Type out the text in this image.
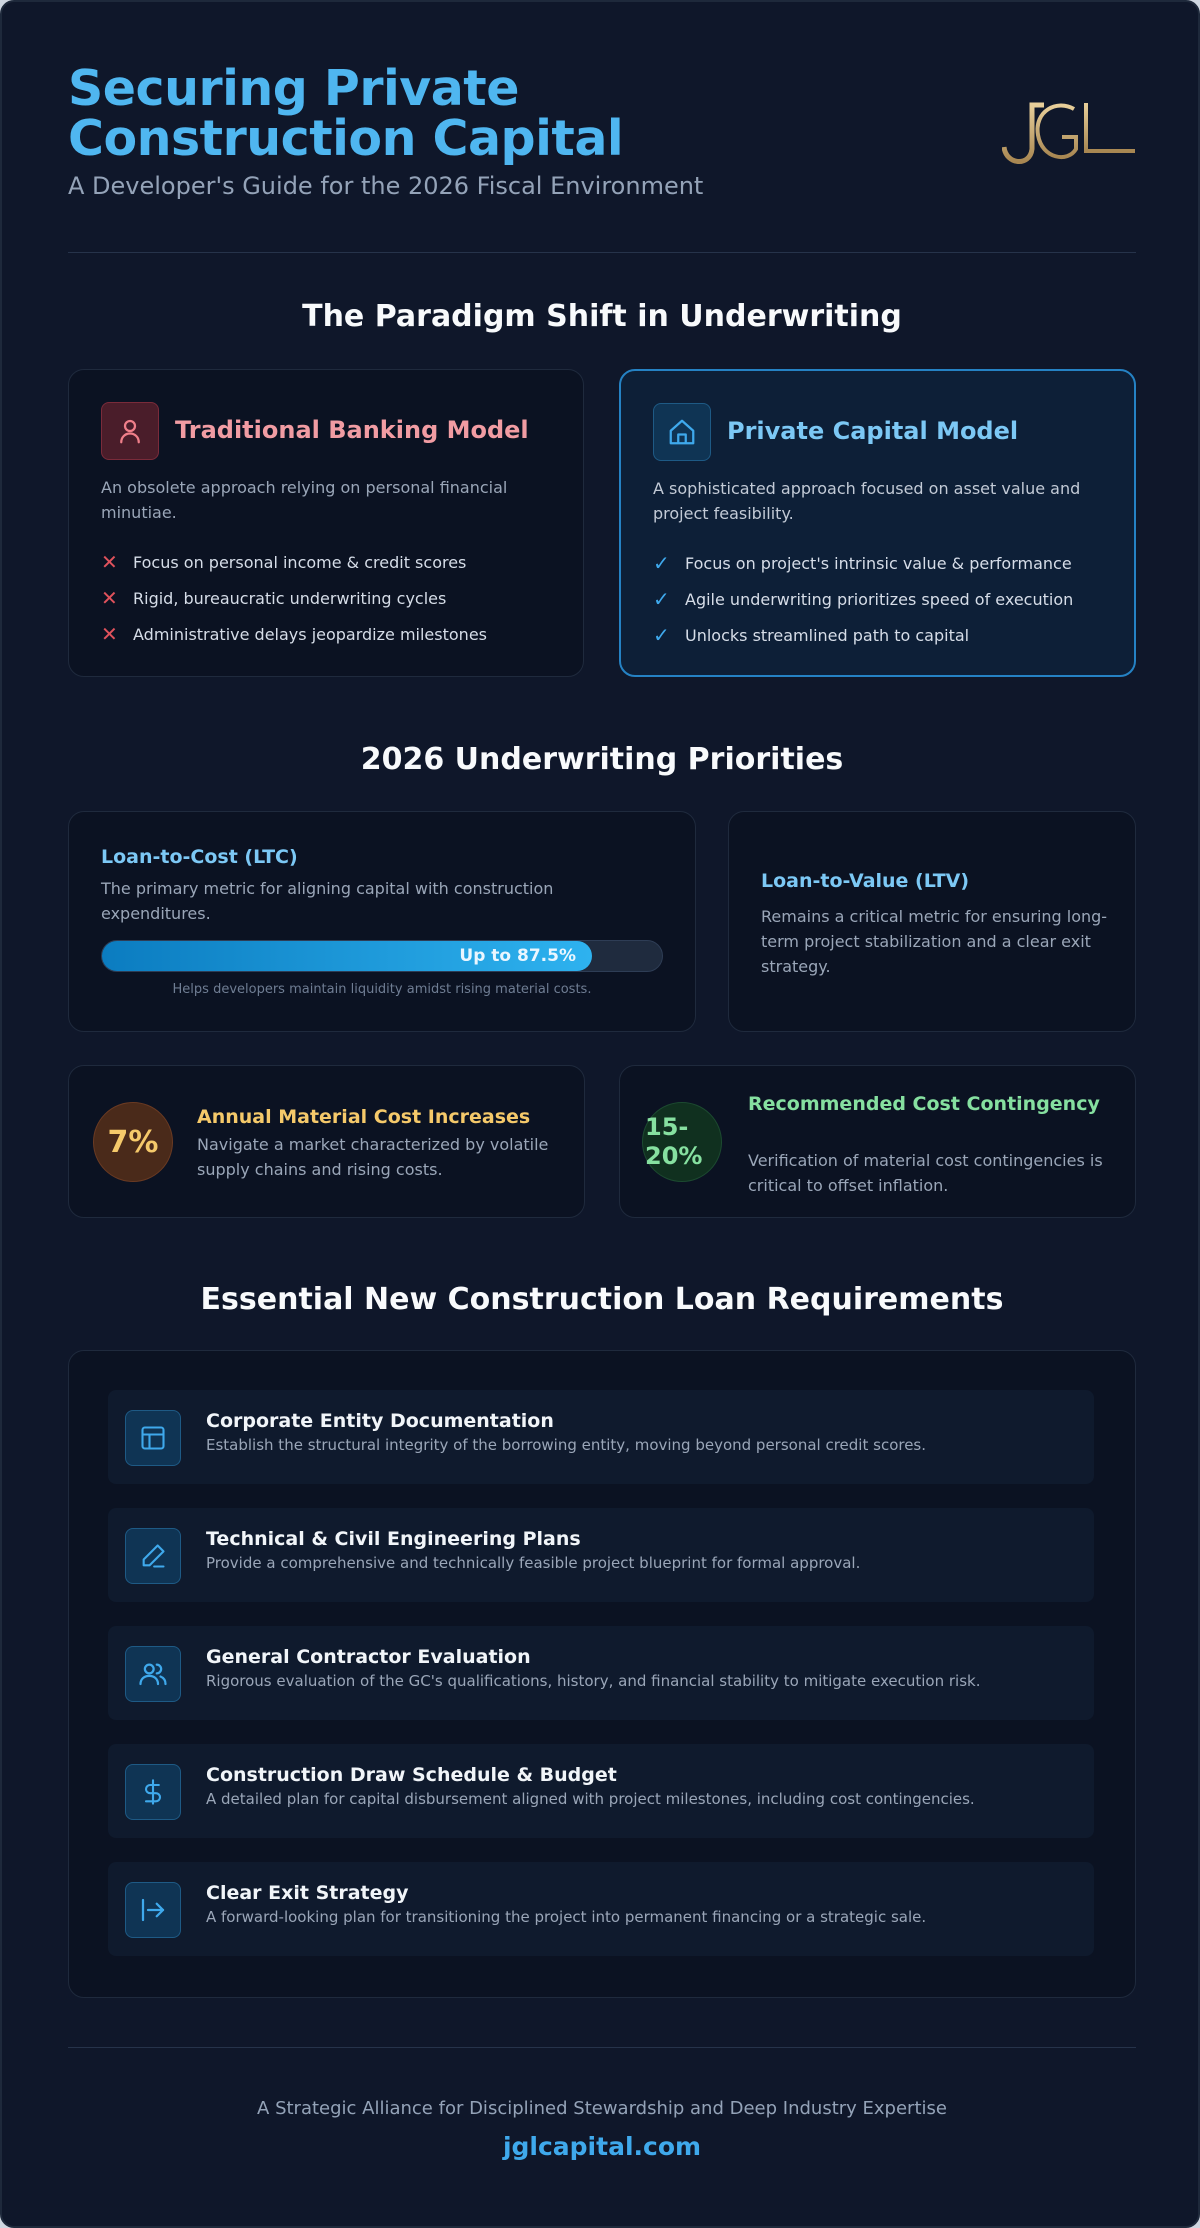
Securing Private Construction Capital
A Developer's Guide for the 2026 Fiscal Environment
The Paradigm Shift in Underwriting
Traditional Banking Model
An obsolete approach relying on personal financial minutiae.
✕ Focus on personal income & credit scores
✕ Rigid, bureaucratic underwriting cycles
✕ Administrative delays jeopardize milestones
Private Capital Model
A sophisticated approach focused on asset value and project feasibility.
✓ Focus on project's intrinsic value & performance
✓ Agile underwriting prioritizes speed of execution
✓ Unlocks streamlined path to capital
2026 Underwriting Priorities
Loan-to-Cost (LTC)
The primary metric for aligning capital with construction expenditures.
Up to 87.5%
Helps developers maintain liquidity amidst rising material costs.
Loan-to-Value (LTV)
Remains a critical metric for ensuring long-term project stabilization and a clear exit strategy.
7%
Annual Material Cost Increases
Navigate a market characterized by volatile supply chains and rising costs.
15-
20%
Recommended Cost Contingency
Verification of material cost contingencies is critical to offset inflation.
Essential New Construction Loan Requirements
Corporate Entity Documentation
Establish the structural integrity of the borrowing entity, moving beyond personal credit scores.
Technical & Civil Engineering Plans
Provide a comprehensive and technically feasible project blueprint for formal approval.
General Contractor Evaluation
Rigorous evaluation of the GC's qualifications, history, and financial stability to mitigate execution risk.
Construction Draw Schedule & Budget
A detailed plan for capital disbursement aligned with project milestones, including cost contingencies.
Clear Exit Strategy
A forward-looking plan for transitioning the project into permanent financing or a strategic sale.
A Strategic Alliance for Disciplined Stewardship and Deep Industry Expertise
jglcapital.com
